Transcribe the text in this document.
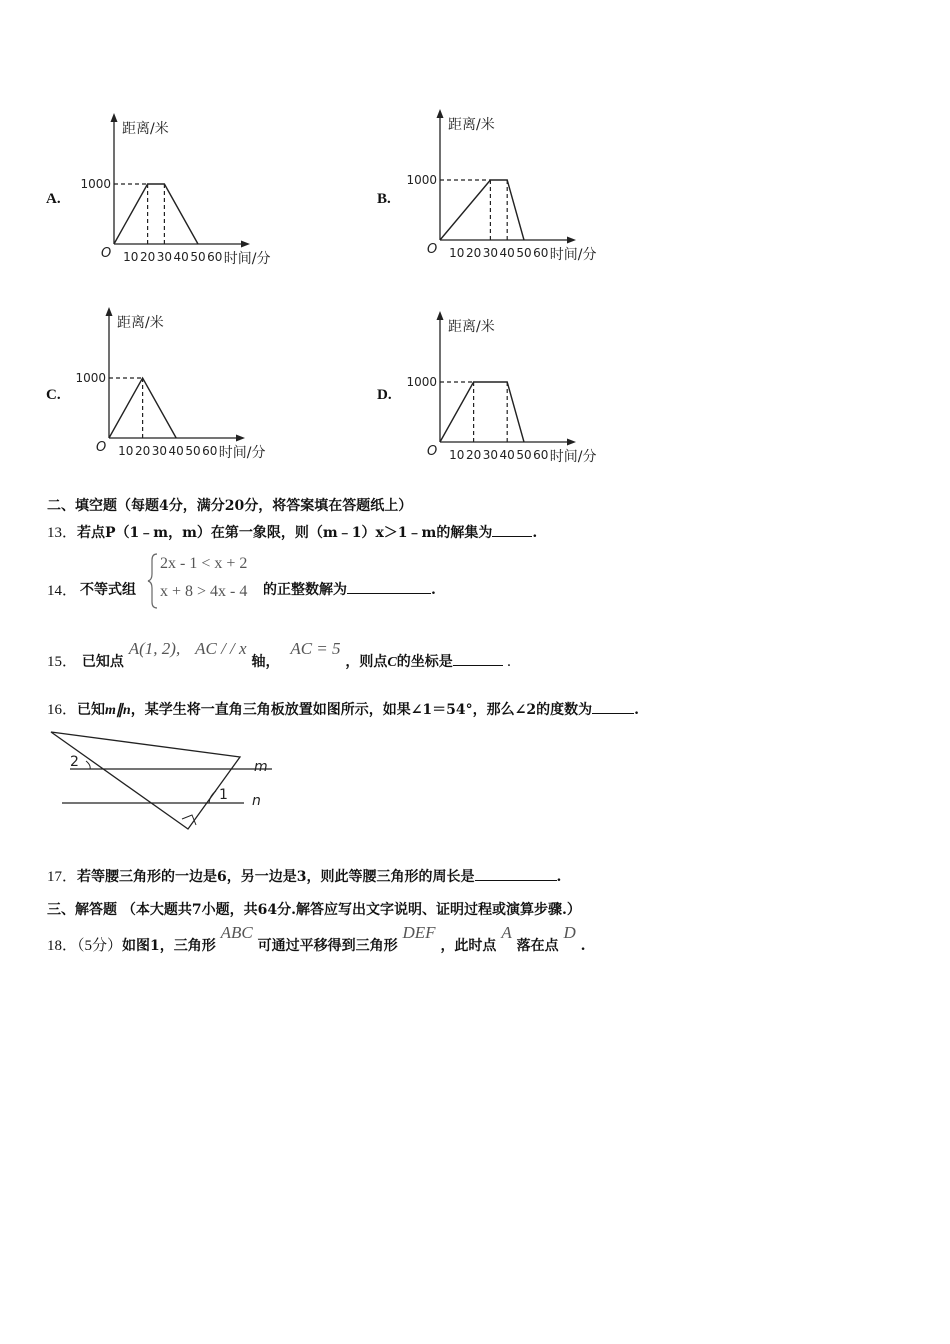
A.
距离/米
时间/分
1000
O 10 20 30 40 50 60
B.
距离/米
时间/分
1000
O 10 20 30 40 50 60
C.
距离/米
时间/分
1000
O 10 20 30 40 50 60
D.
距离/米
时间/分
1000
O 10 20 30 40 50 60
二、填空题（每题4分，满分20分，将答案填在答题纸上）
13．若点P（1﹣m，m）在第一象限，则（m﹣1）x＞1﹣m的解集为	.
14． 不等式组
2x - 1 < x + 2
x + 8 > 4x - 4 的正整数解为	.
15． 已知点 A(1, 2), AC / / x 轴， AC = 5 ，则点C的坐标是	.
16．已知m∥n，某学生将一直角三角板放置如图所示，如果∠1＝54°，那么∠2的度数为	.
2
1
m
n
17．若等腰三角形的一边是6，另一边是3，则此等腰三角形的周长是	.
三、解答题 （本大题共7小题，共64分.解答应写出文字说明、证明过程或演算步骤.）
18．（5分）如图1，三角形 ABC 可通过平移得到三角形 DEF ，此时点 A 落在点 D .
